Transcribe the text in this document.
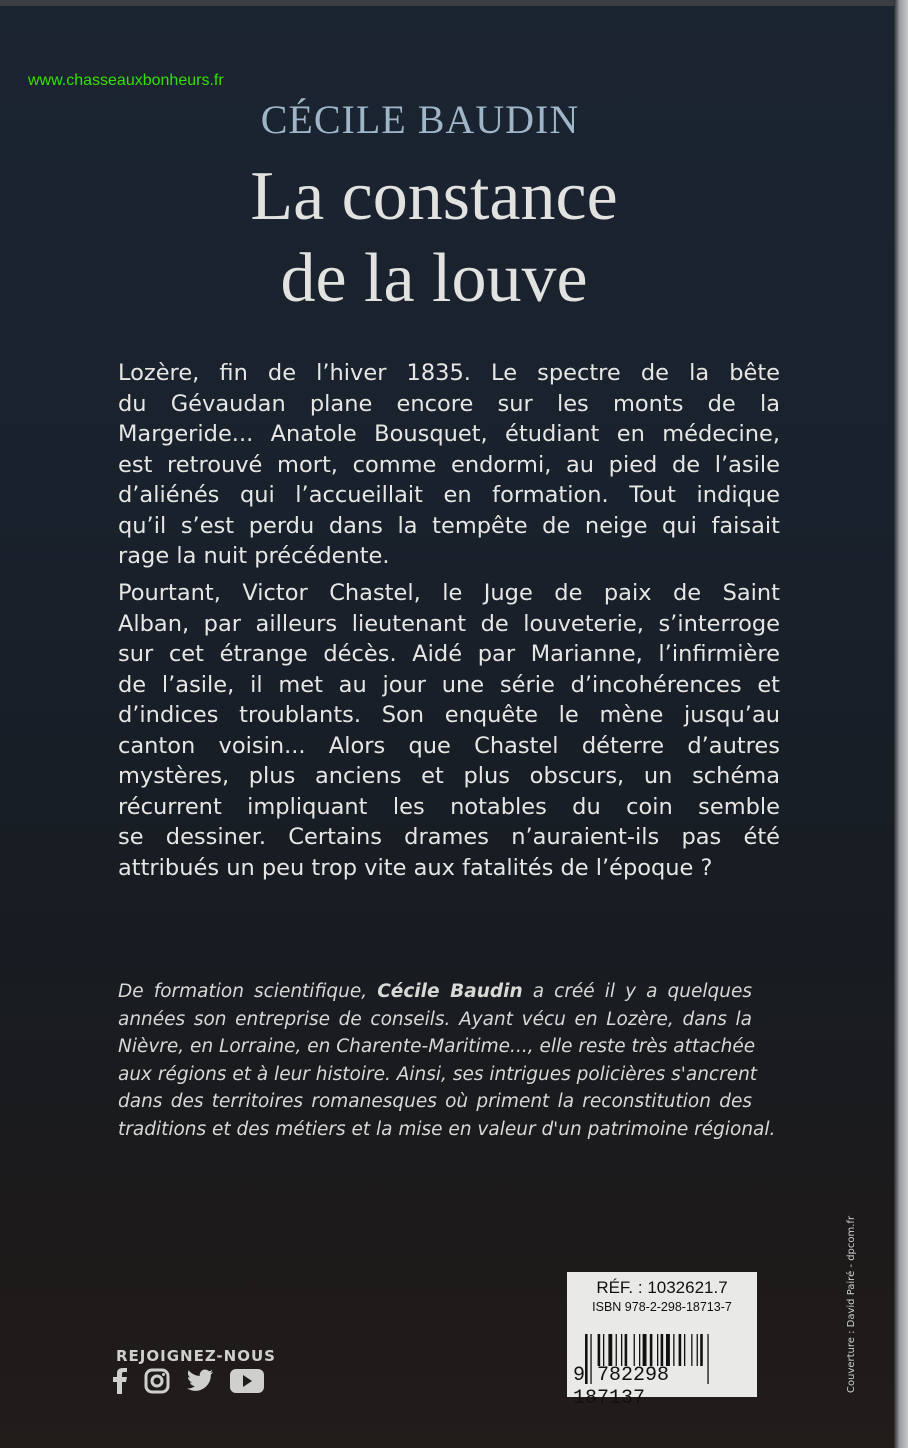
www.chasseauxbonheurs.fr
CÉCILE BAUDIN
La constance
de la louve
Lozère, fin de l’hiver 1835. Le spectre de la bête
du Gévaudan plane encore sur les monts de la
Margeride... Anatole Bousquet, étudiant en médecine,
est retrouvé mort, comme endormi, au pied de l’asile
d’aliénés qui l’accueillait en formation. Tout indique
qu’il s’est perdu dans la tempête de neige qui faisait
rage la nuit précédente.
Pourtant, Victor Chastel, le Juge de paix de Saint
Alban, par ailleurs lieutenant de louveterie, s’interroge
sur cet étrange décès. Aidé par Marianne, l’infirmière
de l’asile, il met au jour une série d’incohérences et
d’indices troublants. Son enquête le mène jusqu’au
canton voisin... Alors que Chastel déterre d’autres
mystères, plus anciens et plus obscurs, un schéma
récurrent impliquant les notables du coin semble
se dessiner. Certains drames n’auraient-ils pas été
attribués un peu trop vite aux fatalités de l’époque ?
De formation scientifique, Cécile Baudin a créé il y a quelques
années son entreprise de conseils. Ayant vécu en Lozère, dans la
Nièvre, en Lorraine, en Charente-Maritime..., elle reste très attachée
aux régions et à leur histoire. Ainsi, ses intrigues policières s'ancrent
dans des territoires romanesques où priment la reconstitution des
traditions et des métiers et la mise en valeur d'un patrimoine régional.
REJOIGNEZ-NOUS
RÉF. : 1032621.7
ISBN 978-2-298-18713-7
9 782298 187137
Couverture : David Pairé - dpcom.fr
